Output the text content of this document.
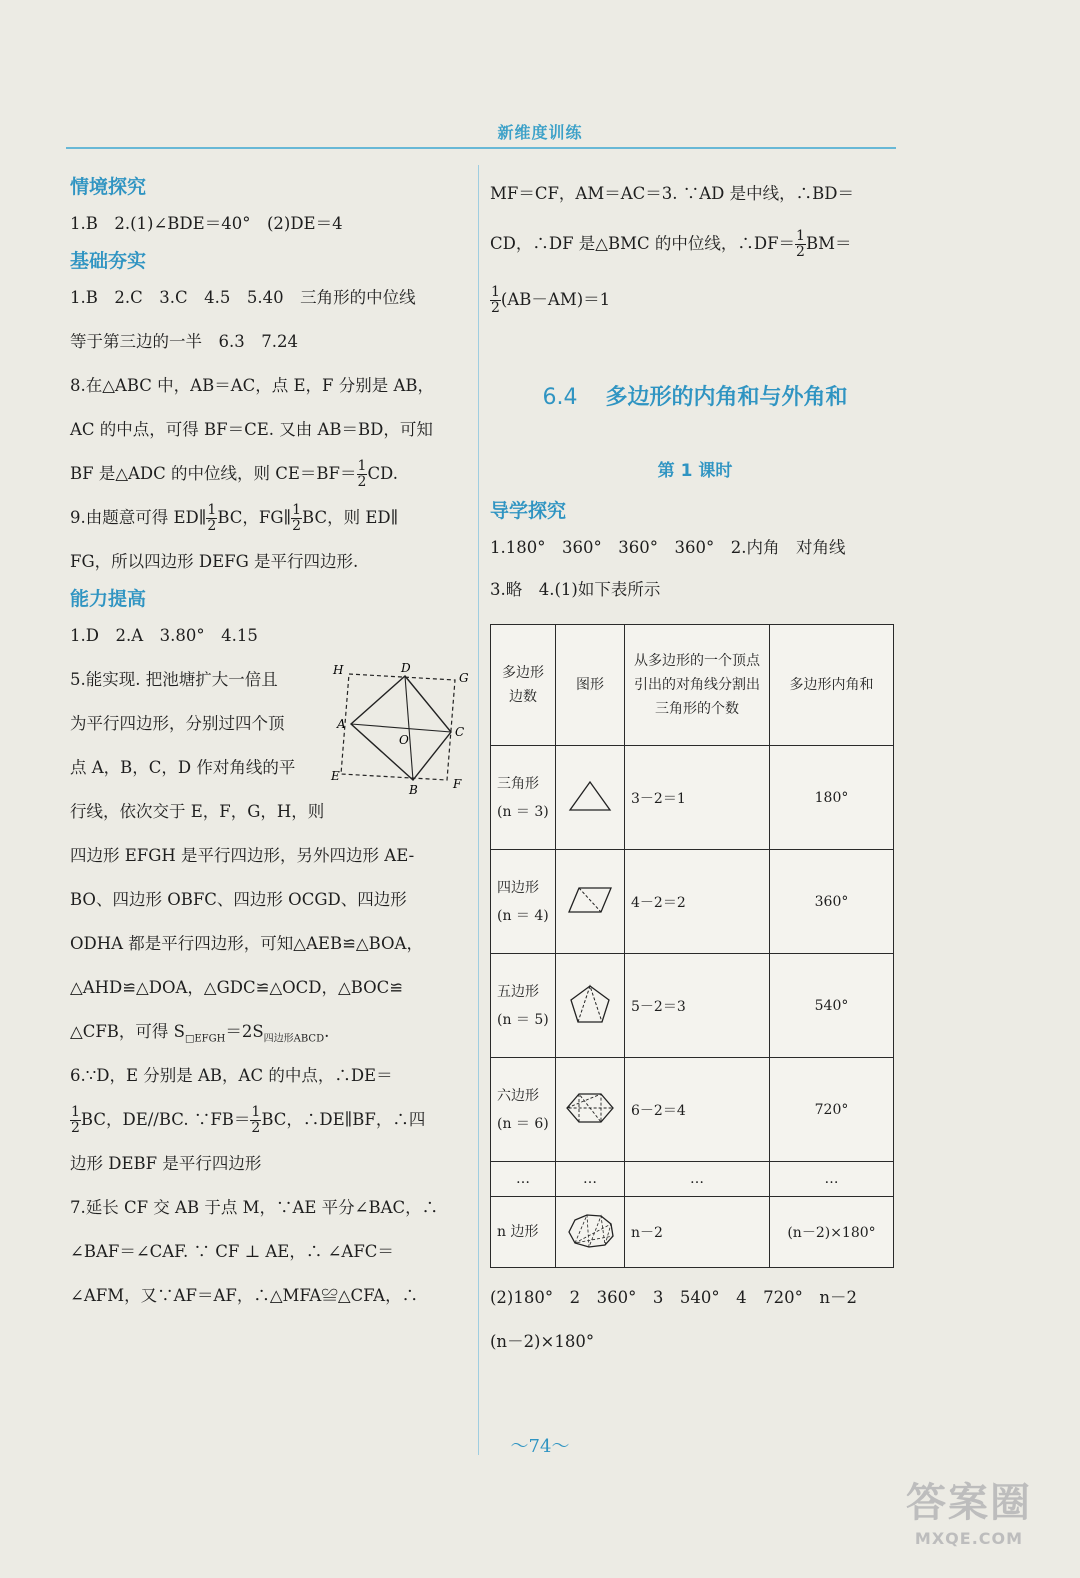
新维度训练
情境探究
1.B　2.(1)∠BDE＝40°　(2)DE＝4
基础夯实
1.B　2.C　3.C　4.5　5.40　三角形的中位线
等于第三边的一半　6.3　7.24
8.在△ABC 中，AB＝AC，点 E，F 分别是 AB，
AC 的中点，可得 BF＝CE. 又由 AB＝BD，可知
BF 是△ADC 的中位线，则 $CE=BF= \frac{1}{2}$ CD.
9.由题意可得 ED∥ $\frac{1}{2}$ BC，FG∥ $\frac{1}{2}$ BC，则 ED∥
FG，所以四边形 DEFG 是平行四边形.
能力提高
1.D　2.A　3.80°　4.15
5.能实现. 把池塘扩大一倍且
为平行四边形，分别过四个顶
点 A，B，C，D 作对角线的平
行线，依次交于 E，F，G，H，则
H	D
G
A
O
C
E
B	F
四边形 EFGH 是平行四边形，另外四边形 AE-
BO、四边形 OBFC、四边形 OCGD、四边形
ODHA 都是平行四边形，可知△AEB≌△BOA，
△AHD≌△DOA，△GDC≌△OCD，△BOC≌
△CFB，可得 $S_{□EFGH}=2S_{四边形ABCD}$.
6.∵D，E 分别是 AB，AC 的中点，∴DE＝
$\frac{1}{2}$ BC，DE//BC. ∵FB＝ $\frac{1}{2}$ BC，∴DE∥BF，∴四
边形 DEBF 是平行四边形
7.延长 CF 交 AB 于点 M，∵AE 平分∠BAC，∴
∠BAF＝∠CAF. ∵ CF ⊥ AE，∴ ∠AFC＝
∠AFM，又∵AF＝AF，∴△MFA≌△CFA，∴
MF＝CF，AM＝AC＝3. ∵AD 是中线，∴BD＝
CD，∴DF 是△BMC 的中位线，∴DF＝ $\frac{1}{2} BM=$
$\frac{1}{2} (AB-AM)=1$
6.4 多边形的内角和与外角和
第 1 课时
导学探究
1.180°　360°　360°　360°　2.内角　对角线
3.略　4.(1)如下表所示
多边形边数	图形	从多边形的一个顶点引出的对角线分割出三角形的个数	多边形内角和

三角形
(n ＝ 3)		3－2＝1	180°

四边形
(n ＝ 4)		4－2＝2	360°

五边形
(n ＝ 5)		5－2＝3	540°

六边形
(n ＝ 6)		6－2＝4	720°
…	…	…	…
n 边形		n－2	(n－2)×180°
(2)180°　2　360°　3　540°　4　720°　n－2
(n－2)×180°
～74～
答案圈
MXQE.COM
